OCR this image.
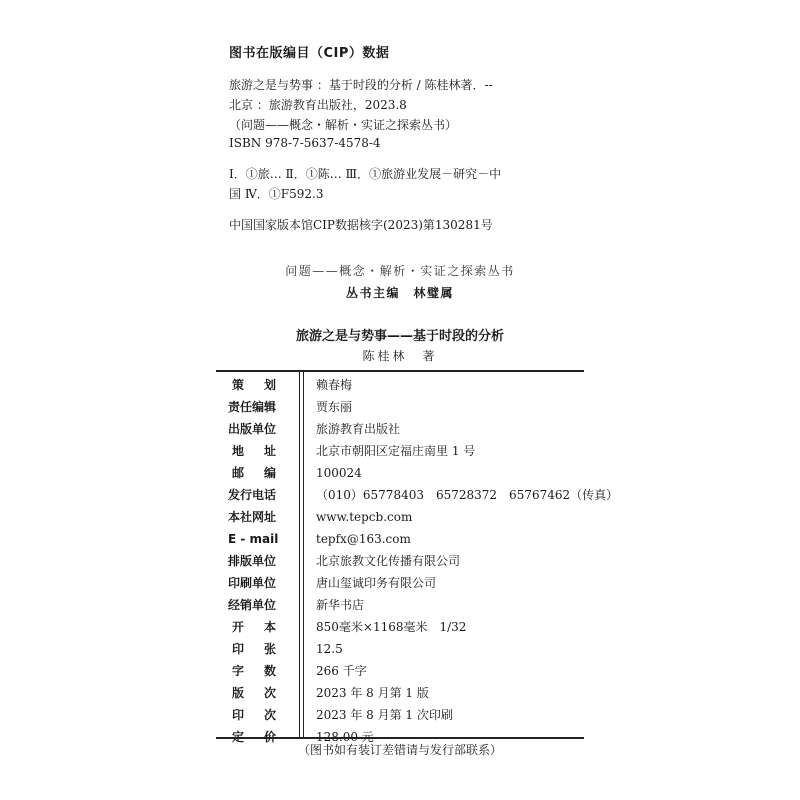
图书在版编目（CIP）数据
旅游之是与势事 ：基于时段的分析 / 陈桂林著．--
北京 ：旅游教育出版社，2023.8
（问题——概念・解析・实证之探索丛书）
ISBN 978-7-5637-4578-4
Ⅰ．①旅… Ⅱ．①陈… Ⅲ．①旅游业发展－研究－中
国 Ⅳ．①F592.3
中国国家版本馆CIP数据核字(2023)第130281号
问题——概念・解析・实证之探索丛书
丛书主编　林璧属
旅游之是与势事——基于时段的分析
陈桂林　著
策 划	赖春梅
责任编辑	贾东丽
出版单位	旅游教育出版社
地 址	北京市朝阳区定福庄南里 1 号
邮 编	100024
发行电话	（010）65778403　65728372　65767462（传真）
本社网址	www.tepcb.com
E - mail	tepfx@163.com
排版单位	北京旅教文化传播有限公司
印刷单位	唐山玺诚印务有限公司
经销单位	新华书店
开 本	850毫米×1168毫米　1/32
印 张	12.5
字 数	266 千字
版 次	2023 年 8 月第 1 版
印 次	2023 年 8 月第 1 次印刷
定 价	128.00 元
（图书如有装订差错请与发行部联系）
